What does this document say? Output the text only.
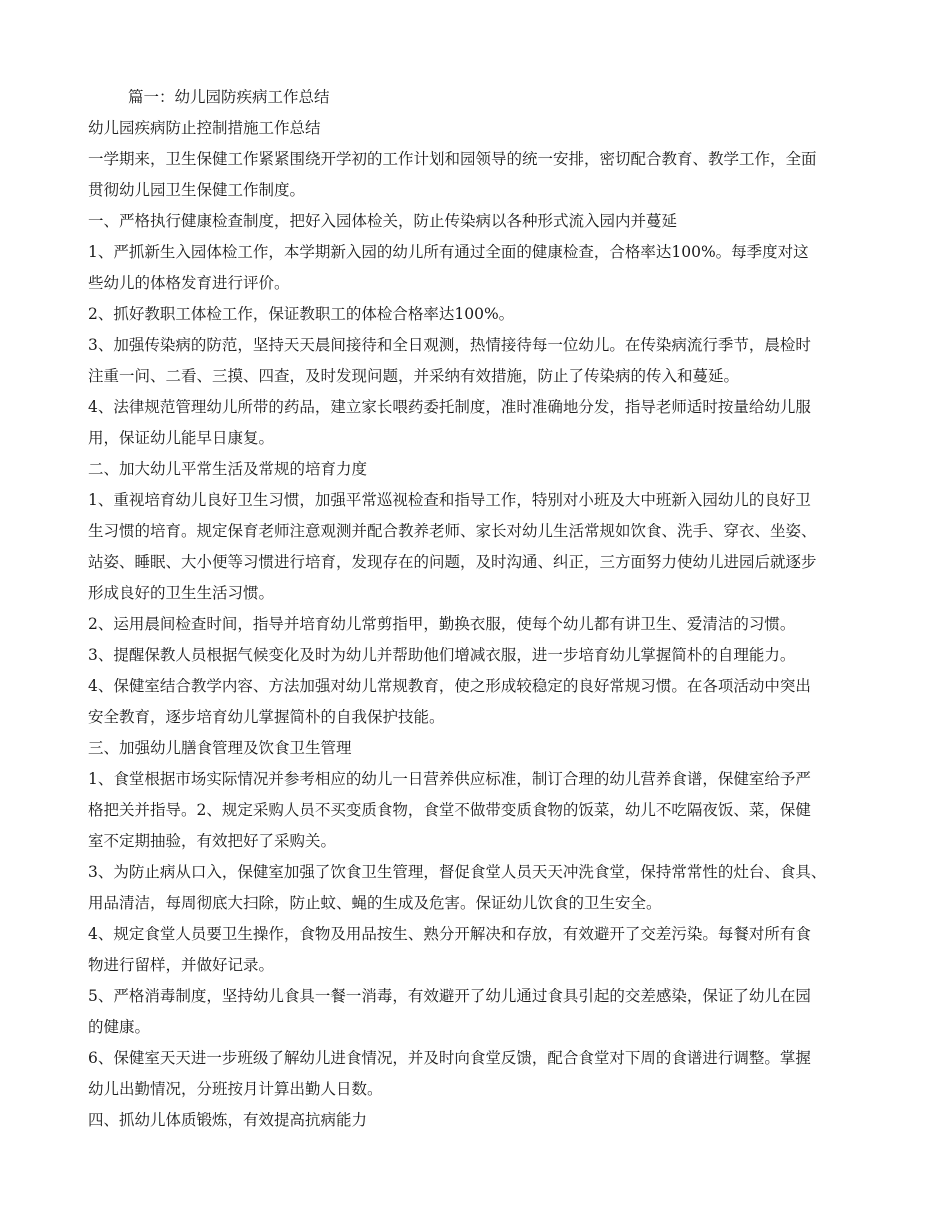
篇一：幼儿园防疾病工作总结

幼儿园疾病防止控制措施工作总结

一学期来，卫生保健工作紧紧围绕开学初的工作计划和园领导的统一安排，密切配合教育、教学工作，全面

贯彻幼儿园卫生保健工作制度。

一、严格执行健康检查制度，把好入园体检关，防止传染病以各种形式流入园内并蔓延

1、严抓新生入园体检工作，本学期新入园的幼儿所有通过全面的健康检查，合格率达100%。每季度对这

些幼儿的体格发育进行评价。

2、抓好教职工体检工作，保证教职工的体检合格率达100%。

3、加强传染病的防范，坚持天天晨间接待和全日观测，热情接待每一位幼儿。在传染病流行季节，晨检时

注重一问、二看、三摸、四查，及时发现问题，并采纳有效措施，防止了传染病的传入和蔓延。

4、法律规范管理幼儿所带的药品，建立家长喂药委托制度，准时准确地分发，指导老师适时按量给幼儿服

用，保证幼儿能早日康复。

二、加大幼儿平常生活及常规的培育力度

1、重视培育幼儿良好卫生习惯，加强平常巡视检查和指导工作，特别对小班及大中班新入园幼儿的良好卫

生习惯的培育。规定保育老师注意观测并配合教养老师、家长对幼儿生活常规如饮食、洗手、穿衣、坐姿、

站姿、睡眠、大小便等习惯进行培育，发现存在的问题，及时沟通、纠正，三方面努力使幼儿进园后就逐步

形成良好的卫生生活习惯。

2、运用晨间检查时间，指导并培育幼儿常剪指甲，勤换衣服，使每个幼儿都有讲卫生、爱清洁的习惯。

3、提醒保教人员根据气候变化及时为幼儿并帮助他们增减衣服，进一步培育幼儿掌握简朴的自理能力。

4、保健室结合教学内容、方法加强对幼儿常规教育，使之形成较稳定的良好常规习惯。在各项活动中突出

安全教育，逐步培育幼儿掌握简朴的自我保护技能。

三、加强幼儿膳食管理及饮食卫生管理

1、食堂根据市场实际情况并参考相应的幼儿一日营养供应标准，制订合理的幼儿营养食谱，保健室给予严

格把关并指导。2、规定采购人员不买变质食物，食堂不做带变质食物的饭菜，幼儿不吃隔夜饭、菜，保健

室不定期抽验，有效把好了采购关。

3、为防止病从口入，保健室加强了饮食卫生管理，督促食堂人员天天冲洗食堂，保持常常性的灶台、食具、

用品清洁，每周彻底大扫除，防止蚊、蝇的生成及危害。保证幼儿饮食的卫生安全。

4、规定食堂人员要卫生操作，食物及用品按生、熟分开解决和存放，有效避开了交差污染。每餐对所有食

物进行留样，并做好记录。

5、严格消毒制度，坚持幼儿食具一餐一消毒，有效避开了幼儿通过食具引起的交差感染，保证了幼儿在园

的健康。

6、保健室天天进一步班级了解幼儿进食情况，并及时向食堂反馈，配合食堂对下周的食谱进行调整。掌握

幼儿出勤情况，分班按月计算出勤人日数。

四、抓幼儿体质锻炼，有效提高抗病能力
